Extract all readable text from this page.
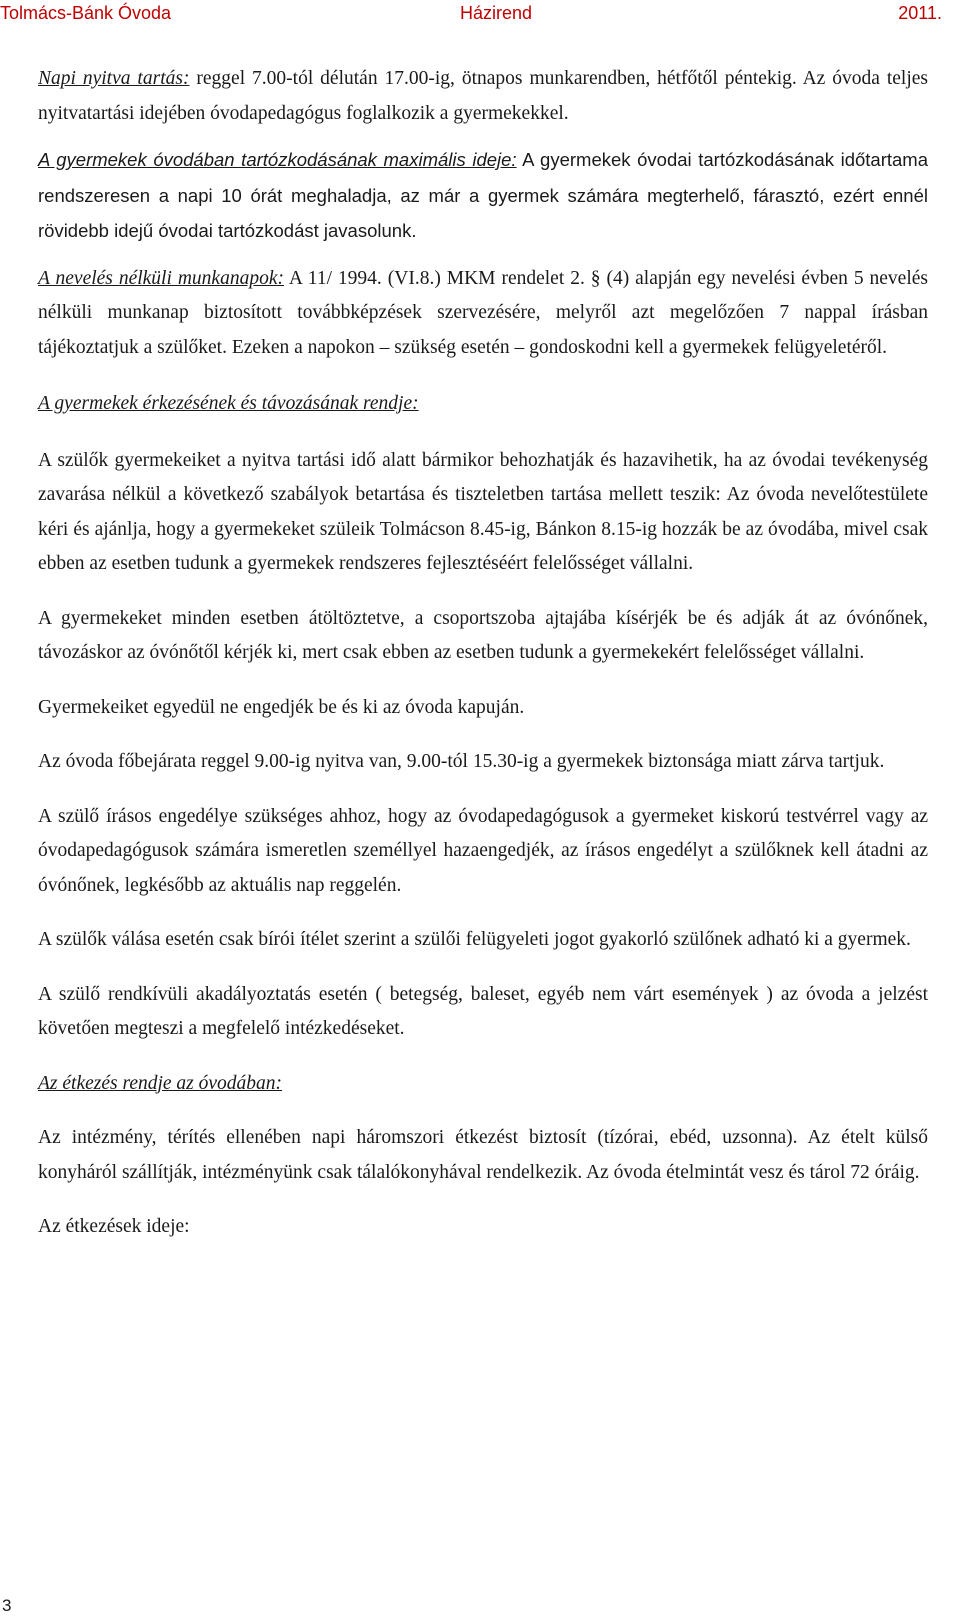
Tolmács-Bánk Óvoda	Házirend	2011.

Napi nyitva tartás: reggel 7.00-tól délután 17.00-ig, ötnapos munkarendben, hétfőtől péntekig. Az óvoda teljes nyitvatartási idejében óvodapedagógus foglalkozik a gyermekekkel.

A gyermekek óvodában tartózkodásának maximális ideje: A gyermekek óvodai tartózkodásának időtartama rendszeresen a napi 10 órát meghaladja, az már a gyermek számára megterhelő, fárasztó, ezért ennél rövidebb idejű óvodai tartózkodást javasolunk.

A nevelés nélküli munkanapok: A 11/ 1994. (VI.8.) MKM rendelet 2. § (4) alapján egy nevelési évben 5 nevelés nélküli munkanap biztosított továbbképzések szervezésére, melyről azt megelőzően 7 nappal írásban tájékoztatjuk a szülőket. Ezeken a napokon – szükség esetén – gondoskodni kell a gyermekek felügyeletéről.

A gyermekek érkezésének és távozásának rendje:

A szülők gyermekeiket a nyitva tartási idő alatt bármikor behozhatják és hazavihetik, ha az óvodai tevékenység zavarása nélkül a következő szabályok betartása és tiszteletben tartása mellett teszik: Az óvoda nevelőtestülete kéri és ajánlja, hogy a gyermekeket szüleik Tolmácson 8.45-ig, Bánkon 8.15-ig hozzák be az óvodába, mivel csak ebben az esetben tudunk a gyermekek rendszeres fejlesztéséért felelősséget vállalni.

A gyermekeket minden esetben átöltöztetve, a csoportszoba ajtajába kísérjék be és adják át az óvónőnek, távozáskor az óvónőtől kérjék ki, mert csak ebben az esetben tudunk a gyermekekért felelősséget vállalni.

Gyermekeiket egyedül ne engedjék be és ki az óvoda kapuján.

Az óvoda főbejárata reggel 9.00-ig nyitva van, 9.00-tól 15.30-ig a gyermekek biztonsága miatt zárva tartjuk.

A szülő írásos engedélye szükséges ahhoz, hogy az óvodapedagógusok a gyermeket kiskorú testvérrel vagy az óvodapedagógusok számára ismeretlen személlyel hazaengedjék, az írásos engedélyt a szülőknek kell átadni az óvónőnek, legkésőbb az aktuális nap reggelén.

A szülők válása esetén csak bírói ítélet szerint a szülői felügyeleti jogot gyakorló szülőnek adható ki a gyermek.

A szülő rendkívüli akadályoztatás esetén ( betegség, baleset, egyéb nem várt események ) az óvoda a jelzést követően megteszi a megfelelő intézkedéseket.

Az étkezés rendje az óvodában:

Az intézmény, térítés ellenében napi háromszori étkezést biztosít (tízórai, ebéd, uzsonna). Az ételt külső konyháról szállítják, intézményünk csak tálalókonyhával rendelkezik. Az óvoda ételmintát vesz és tárol 72 óráig.

Az étkezések ideje:

3
